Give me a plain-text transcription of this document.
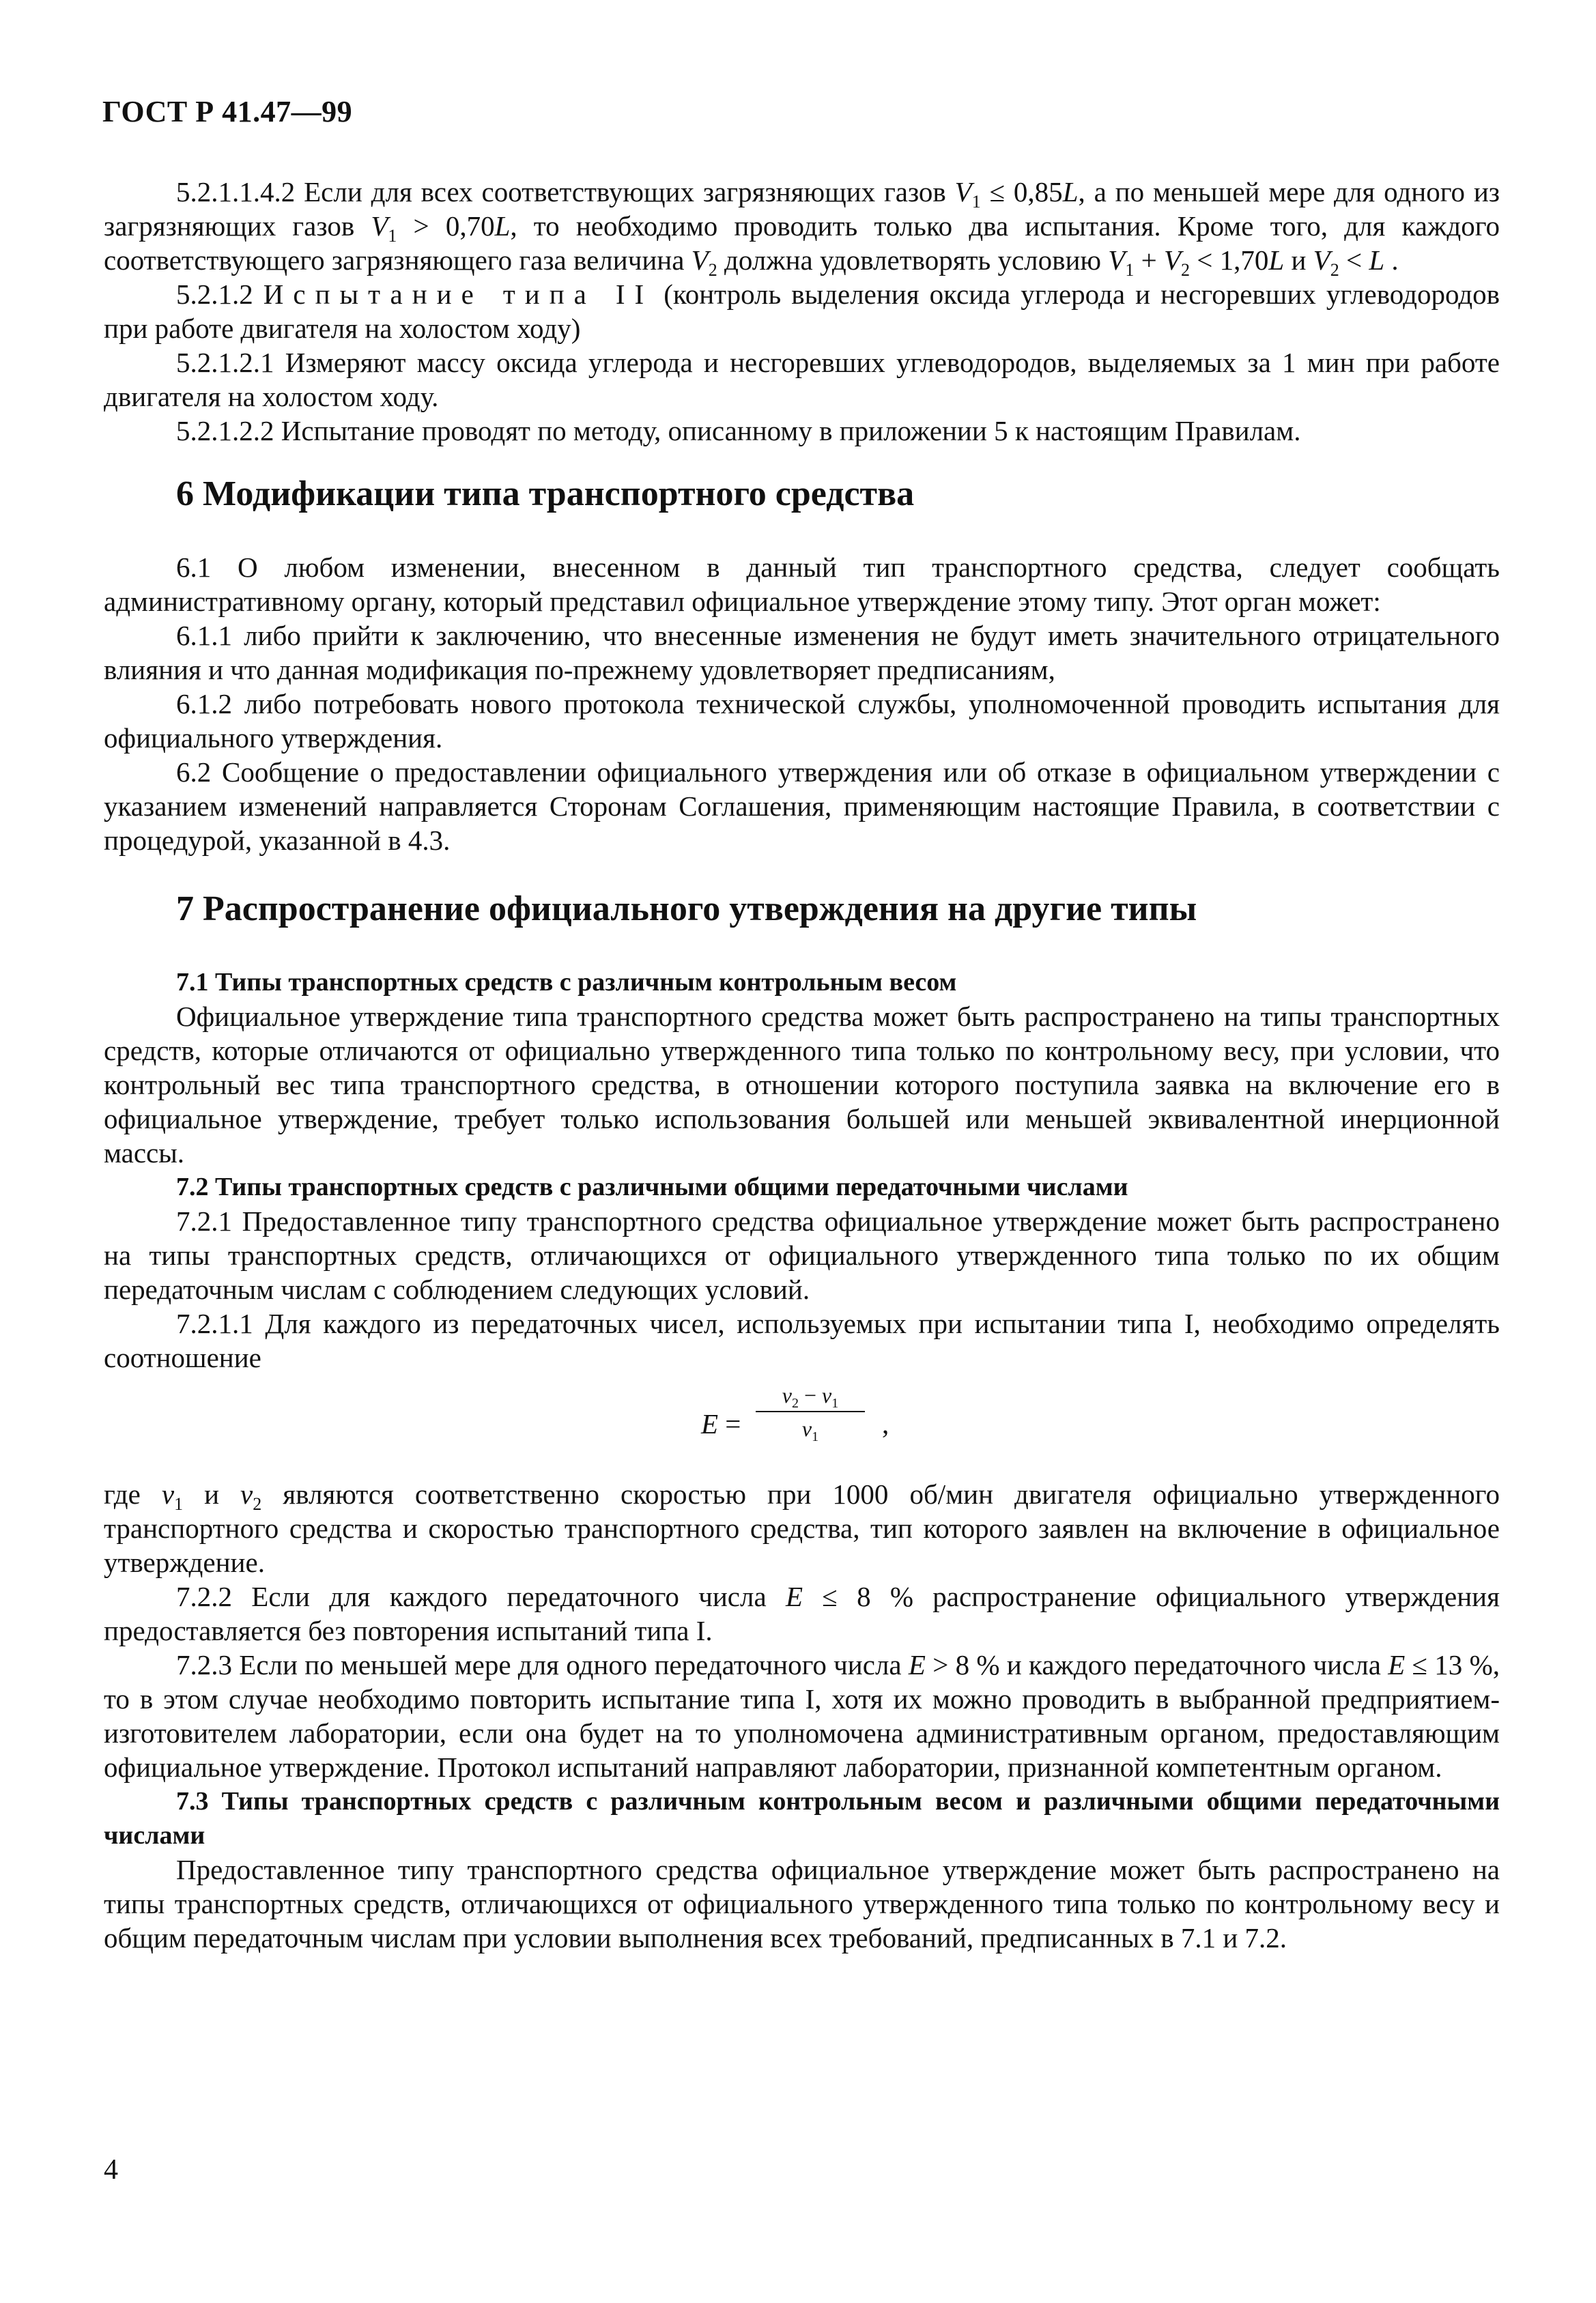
ГОСТ Р 41.47—99

5.2.1.1.4.2 Если для всех соответствующих загрязняющих газов $V_1 \le 0,85L$, а по меньшей мере для одного из загрязняющих газов $V_1 > 0,70L$, то необходимо проводить только два испытания. Кроме того, для каждого соответствующего загрязняющего газа величина $V_2$ должна удовлетворять условию $V_1 + V_2 < 1,70L$ и $V_2 < L$ .

5.2.1.2 Испытание типа II (контроль выделения оксида углерода и несгоревших углеводородов при работе двигателя на холостом ходу)

5.2.1.2.1 Измеряют массу оксида углерода и несгоревших углеводородов, выделяемых за 1 мин при работе двигателя на холостом ходу.

5.2.1.2.2 Испытание проводят по методу, описанному в приложении 5 к настоящим Правилам.

6 Модификации типа транспортного средства

6.1 О любом изменении, внесенном в данный тип транспортного средства, следует сообщать административному органу, который представил официальное утверждение этому типу. Этот орган может:

6.1.1 либо прийти к заключению, что внесенные изменения не будут иметь значительного отрицательного влияния и что данная модификация по-прежнему удовлетворяет предписаниям,

6.1.2 либо потребовать нового протокола технической службы, уполномоченной проводить испытания для официального утверждения.

6.2 Сообщение о предоставлении официального утверждения или об отказе в официальном утверждении с указанием изменений направляется Сторонам Соглашения, применяющим настоящие Правила, в соответствии с процедурой, указанной в 4.3.

7 Распространение официального утверждения на другие типы

7.1 Типы транспортных средств с различным контрольным весом

Официальное утверждение типа транспортного средства может быть распространено на типы транспортных средств, которые отличаются от официально утвержденного типа только по контрольному весу, при условии, что контрольный вес типа транспортного средства, в отношении которого поступила заявка на включение его в официальное утверждение, требует только использования большей или меньшей эквивалентной инерционной массы.

7.2 Типы транспортных средств с различными общими передаточными числами

7.2.1 Предоставленное типу транспортного средства официальное утверждение может быть распространено на типы транспортных средств, отличающихся от официального утвержденного типа только по их общим передаточным числам с соблюдением следующих условий.

7.2.1.1 Для каждого из передаточных чисел, используемых при испытании типа I, необходимо определять соотношение

$E = \frac{v_2 - v_1}{v_1}$ ,

где $v_1$ и $v_2$ являются соответственно скоростью при 1000 об/мин двигателя официально утвержденного транспортного средства и скоростью транспортного средства, тип которого заявлен на включение в официальное утверждение.

7.2.2 Если для каждого передаточного числа E ≤ 8 % распространение официального утверждения предоставляется без повторения испытаний типа I.

7.2.3 Если по меньшей мере для одного передаточного числа E > 8 % и каждого передаточного числа E ≤ 13 %, то в этом случае необходимо повторить испытание типа I, хотя их можно проводить в выбранной предприятием-изготовителем лаборатории, если она будет на то уполномочена административным органом, предоставляющим официальное утверждение. Протокол испытаний направляют лаборатории, признанной компетентным органом.

7.3 Типы транспортных средств с различным контрольным весом и различными общими передаточными числами

Предоставленное типу транспортного средства официальное утверждение может быть распространено на типы транспортных средств, отличающихся от официального утвержденного типа только по контрольному весу и общим передаточным числам при условии выполнения всех требований, предписанных в 7.1 и 7.2.

4
